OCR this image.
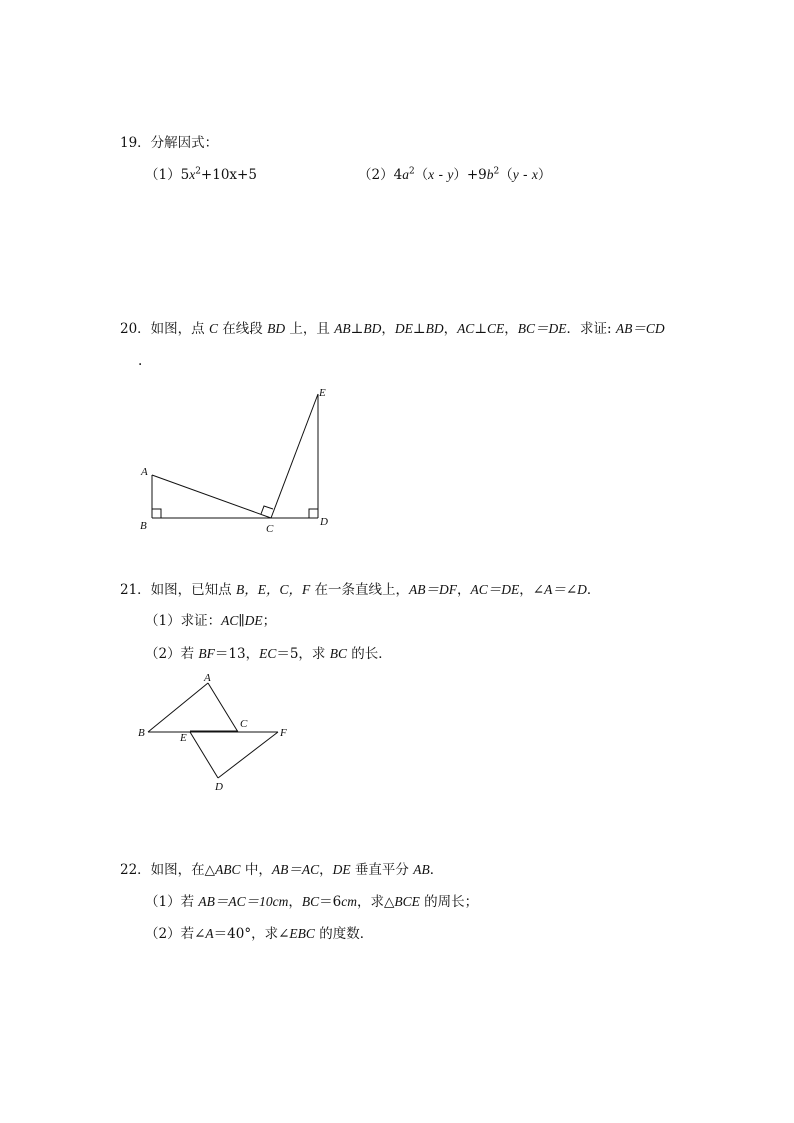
19．分解因式：
$(1)5x^2+10x+5$	$(2)4a^2(x - y)+9b^2(y - x)$
20．如图，点 C 在线段 BD 上，且 AB⊥BD，DE⊥BD，AC⊥CE，BC＝DE．求证: AB＝CD
.
A
B	C
D
E
21．如图，已知点 B，E，C，F 在一条直线上，AB＝DF，AC＝DE，∠A＝∠D．
（1）求证：AC∥DE；
（2）若 BF＝13，EC＝5，求 BC 的长．
A
B
C
D
E	F
22．如图，在△ABC 中，AB＝AC，DE 垂直平分 AB．
（1）若 AB＝AC＝10cm，BC＝6cm，求△BCE 的周长；
（2）若∠A＝40°，求∠EBC 的度数．
